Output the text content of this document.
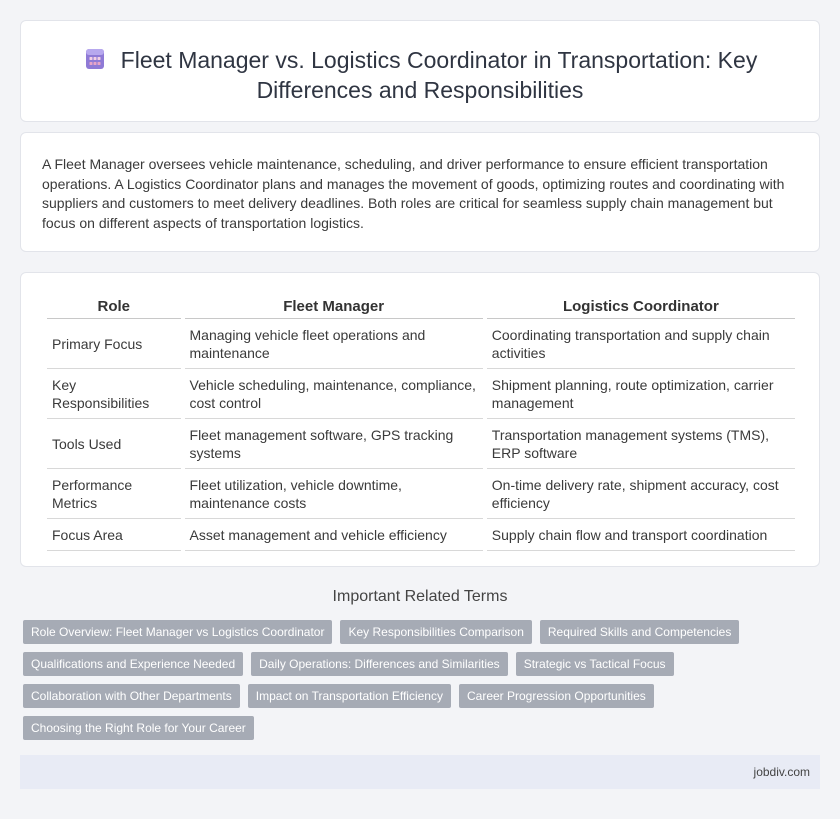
Fleet Manager vs. Logistics Coordinator in Transportation: Key Differences and Responsibilities

A Fleet Manager oversees vehicle maintenance, scheduling, and driver performance to ensure efficient transportation operations. A Logistics Coordinator plans and manages the movement of goods, optimizing routes and coordinating with suppliers and customers to meet delivery deadlines. Both roles are critical for seamless supply chain management but focus on different aspects of transportation logistics.

Role	Fleet Manager	Logistics Coordinator
Primary Focus	Managing vehicle fleet operations and maintenance	Coordinating transportation and supply chain activities
Key Responsibilities	Vehicle scheduling, maintenance, compliance, cost control	Shipment planning, route optimization, carrier management
Tools Used	Fleet management software, GPS tracking systems	Transportation management systems (TMS), ERP software
Performance Metrics	Fleet utilization, vehicle downtime, maintenance costs	On-time delivery rate, shipment accuracy, cost efficiency
Focus Area	Asset management and vehicle efficiency	Supply chain flow and transport coordination
Important Related Terms
Role Overview: Fleet Manager vs Logistics Coordinator	Key Responsibilities Comparison	Required Skills and Competencies
Qualifications and Experience Needed	Daily Operations: Differences and Similarities	Strategic vs Tactical Focus
Collaboration with Other Departments	Impact on Transportation Efficiency	Career Progression Opportunities
Choosing the Right Role for Your Career
jobdiv.com
